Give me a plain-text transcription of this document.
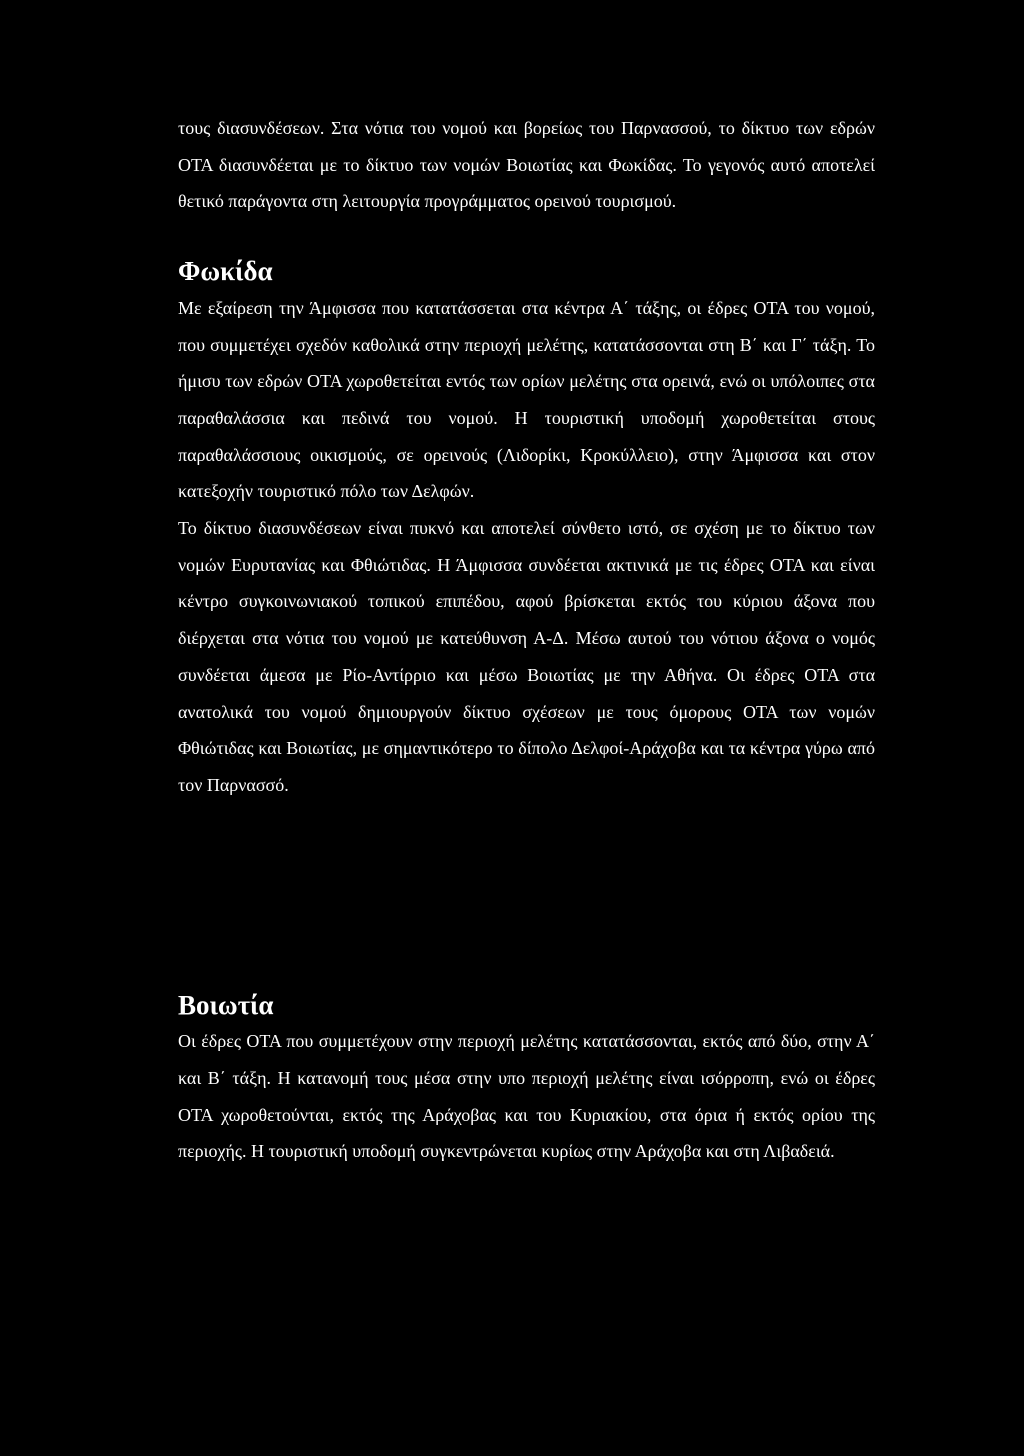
τους διασυνδέσεων. Στα νότια του νομού και βορείως του Παρνασσού, το δίκτυο των εδρών ΟΤΑ διασυνδέεται με το δίκτυο των νομών Βοιωτίας και Φωκίδας. Το γεγονός αυτό αποτελεί θετικό παράγοντα στη λειτουργία προγράμματος ορεινού τουρισμού.

Φωκίδα

Με εξαίρεση την Άμφισσα που κατατάσσεται στα κέντρα Α΄ τάξης, οι έδρες ΟΤΑ του νομού, που συμμετέχει σχεδόν καθολικά στην περιοχή μελέτης, κατατάσσονται στη Β΄ και Γ΄ τάξη. Το ήμισυ των εδρών ΟΤΑ χωροθετείται εντός των ορίων μελέτης στα ορεινά, ενώ οι υπόλοιπες στα παραθαλάσσια και πεδινά του νομού. Η τουριστική υποδομή χωροθετείται στους παραθαλάσσιους οικισμούς, σε ορεινούς (Λιδορίκι, Κροκύλλειο), στην Άμφισσα και στον κατεξοχήν τουριστικό πόλο των Δελφών.

Το δίκτυο διασυνδέσεων είναι πυκνό και αποτελεί σύνθετο ιστό, σε σχέση με το δίκτυο των νομών Ευρυτανίας και Φθιώτιδας. Η Άμφισσα συνδέεται ακτινικά με τις έδρες ΟΤΑ και είναι κέντρο συγκοινωνιακού τοπικού επιπέδου, αφού βρίσκεται εκτός του κύριου άξονα που διέρχεται στα νότια του νομού με κατεύθυνση Α-Δ. Μέσω αυτού του νότιου άξονα ο νομός συνδέεται άμεσα με Ρίο-Αντίρριο και μέσω Βοιωτίας με την Αθήνα. Οι έδρες ΟΤΑ στα ανατολικά του νομού δημιουργούν δίκτυο σχέσεων με τους όμορους ΟΤΑ των νομών Φθιώτιδας και Βοιωτίας, με σημαντικότερο το δίπολο Δελφοί-Αράχοβα και τα κέντρα γύρω από τον Παρνασσό.

Βοιωτία

Οι έδρες ΟΤΑ που συμμετέχουν στην περιοχή μελέτης κατατάσσονται, εκτός από δύο, στην Α΄ και Β΄ τάξη. Η κατανομή τους μέσα στην υπο περιοχή μελέτης είναι ισόρροπη, ενώ οι έδρες ΟΤΑ χωροθετούνται, εκτός της Αράχοβας και του Κυριακίου, στα όρια ή εκτός ορίου της περιοχής. Η τουριστική υποδομή συγκεντρώνεται κυρίως στην Αράχοβα και στη Λιβαδειά.
